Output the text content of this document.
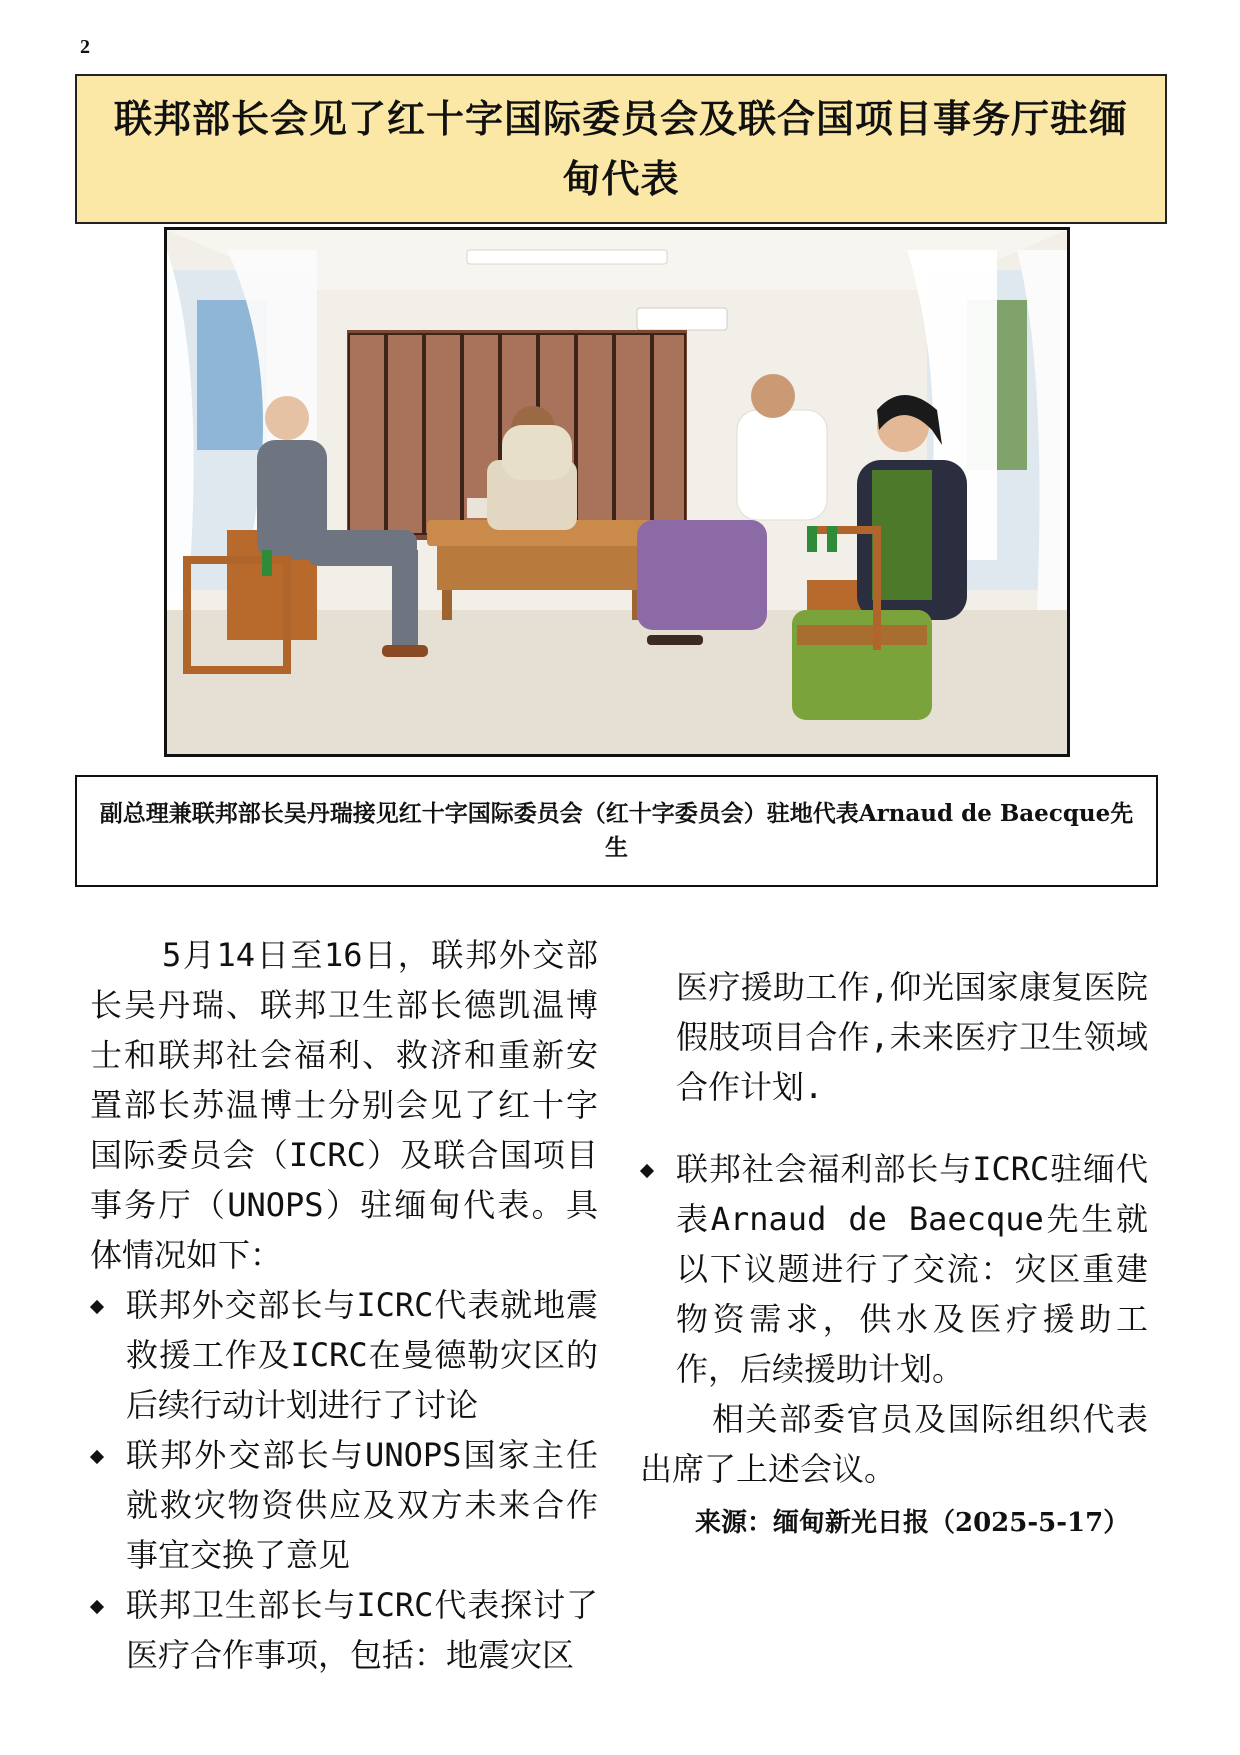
2
联邦部长会见了红十字国际委员会及联合国项目事务厅驻缅甸代表
副总理兼联邦部长吴丹瑞接见红十字国际委员会（红十字委员会）驻地代表Arnaud de Baecque先生

5月14日至16日，联邦外交部长吴丹瑞、联邦卫生部长德凯温博士和联邦社会福利、救济和重新安置部长苏温博士分别会见了红十字国际委员会（ICRC）及联合国项目事务厅（UNOPS）驻缅甸代表。具体情况如下：

联邦外交部长与ICRC代表就地震救援工作及ICRC在曼德勒灾区的后续行动计划进行了讨论
联邦外交部长与UNOPS国家主任就救灾物资供应及双方未来合作事宜交换了意见
联邦卫生部长与ICRC代表探讨了医疗合作事项，包括：地震灾区

医疗援助工作,仰光国家康复医院假肢项目合作,未来医疗卫生领域合作计划.

联邦社会福利部长与ICRC驻缅代表Arnaud de Baecque先生就以下议题进行了交流：灾区重建物资需求，供水及医疗援助工作，后续援助计划。

相关部委官员及国际组织代表出席了上述会议。

来源：缅甸新光日报（2025-5-17）
